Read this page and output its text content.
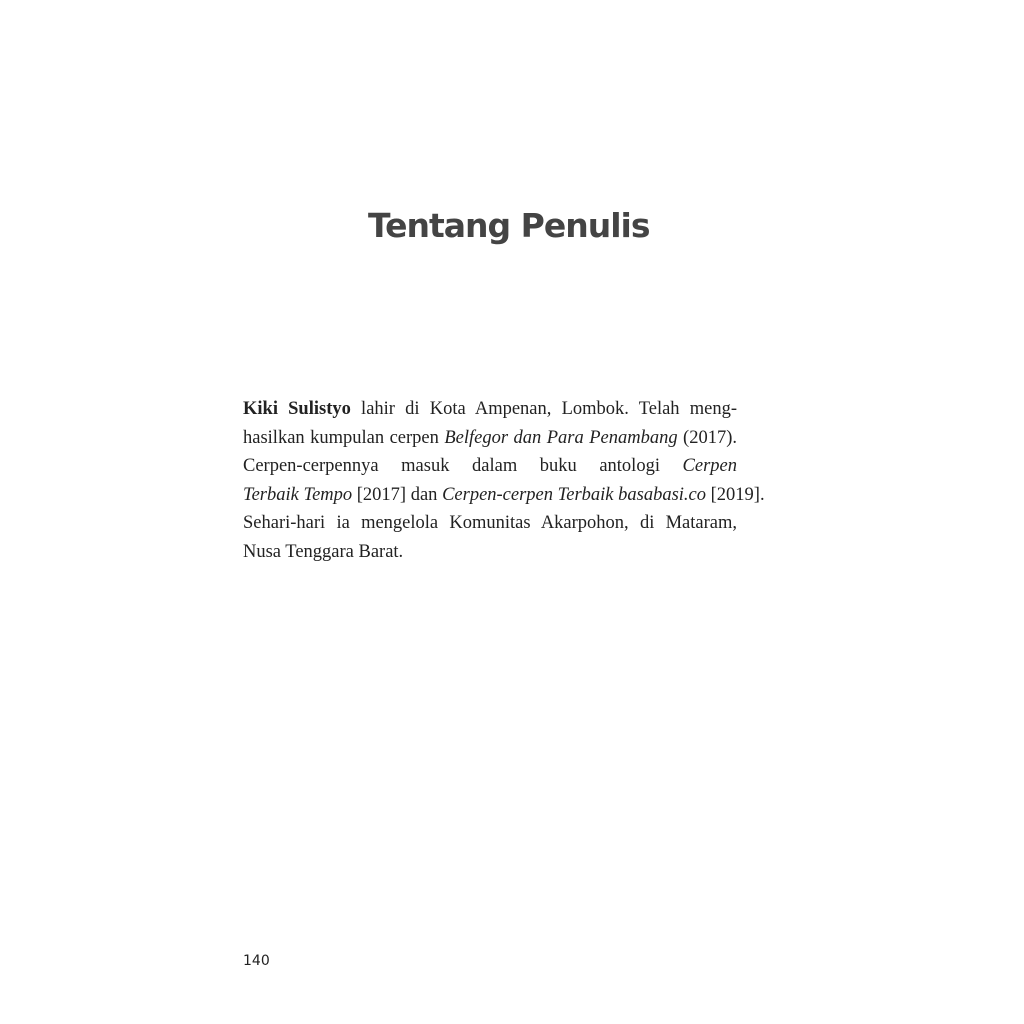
Tentang Penulis

Kiki Sulistyo lahir di Kota Ampenan, Lombok. Telah meng-
hasilkan kumpulan cerpen Belfegor dan Para Penambang (2017).
Cerpen-cerpennya masuk dalam buku antologi Cerpen
Terbaik Tempo [2017] dan Cerpen-cerpen Terbaik basabasi.co [2019].
Sehari-hari ia mengelola Komunitas Akarpohon, di Mataram,
Nusa Tenggara Barat.

140
